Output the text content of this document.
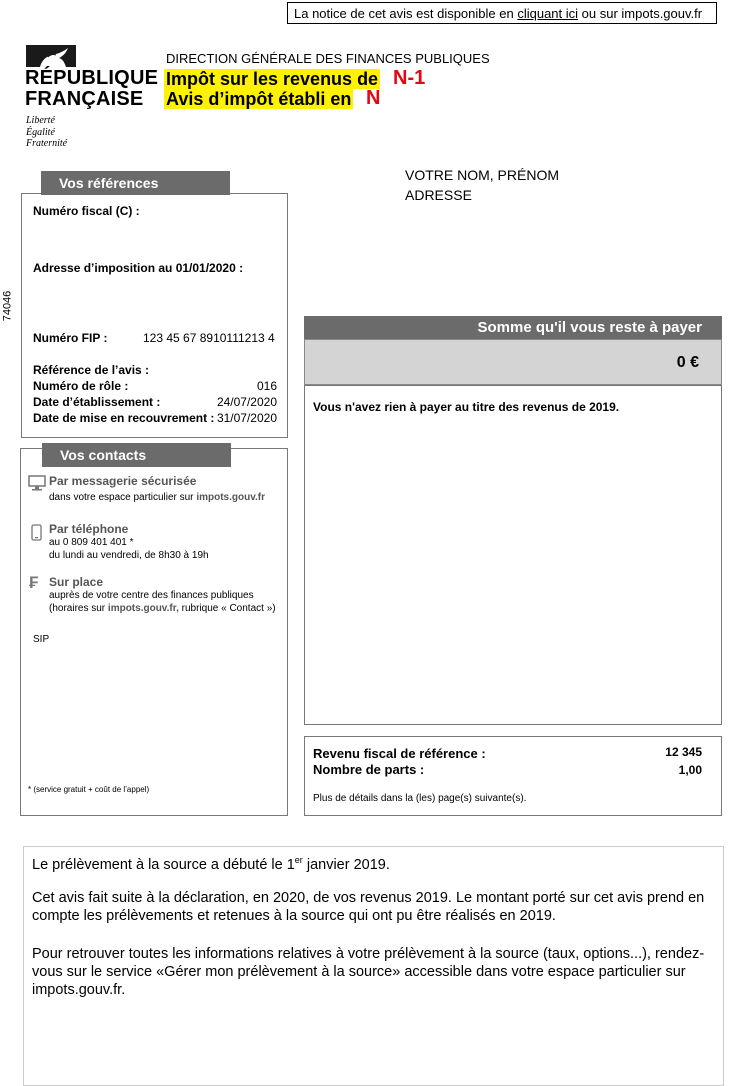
La notice de cet avis est disponible en cliquant ici ou sur impots.gouv.fr
RÉPUBLIQUE
FRANÇAISE
Liberté
Égalité
Fraternité
DIRECTION GÉNÉRALE DES FINANCES PUBLIQUES
Impôt sur les revenus de N-1
Avis d’impôt établi en N
VOTRE NOM, PRÉNOM
ADRESSE
74046
Vos références
Numéro fiscal (C) :
Adresse d’imposition au 01/01/2020 :
Numéro FIP :	123 45 67 8910111213 4
Référence de l’avis :
Numéro de rôle :	016
Date d’établissement :	24/07/2020
Date de mise en recouvrement : 31/07/2020
Vos contacts
Par messagerie sécurisée
dans votre espace particulier sur impots.gouv.fr
Par téléphone
au 0 809 401 401 *
du lundi au vendredi, de 8h30 à 19h
₣ Sur place
auprès de votre centre des finances publiques
(horaires sur impots.gouv.fr, rubrique « Contact »)
SIP
* (service gratuit + coût de l’appel)
Somme qu'il vous reste à payer
0 €
Vous n'avez rien à payer au titre des revenus de 2019.
Revenu fiscal de référence :	12 345
Nombre de parts :	1,00
Plus de détails dans la (les) page(s) suivante(s).
Le prélèvement à la source a débuté le 1er janvier 2019.
Cet avis fait suite à la déclaration, en 2020, de vos revenus 2019. Le montant porté sur cet avis prend en compte les prélèvements et retenues à la source qui ont pu être réalisés en 2019.
Pour retrouver toutes les informations relatives à votre prélèvement à la source (taux, options...), rendez-vous sur le service «Gérer mon prélèvement à la source» accessible dans votre espace particulier sur impots.gouv.fr.
